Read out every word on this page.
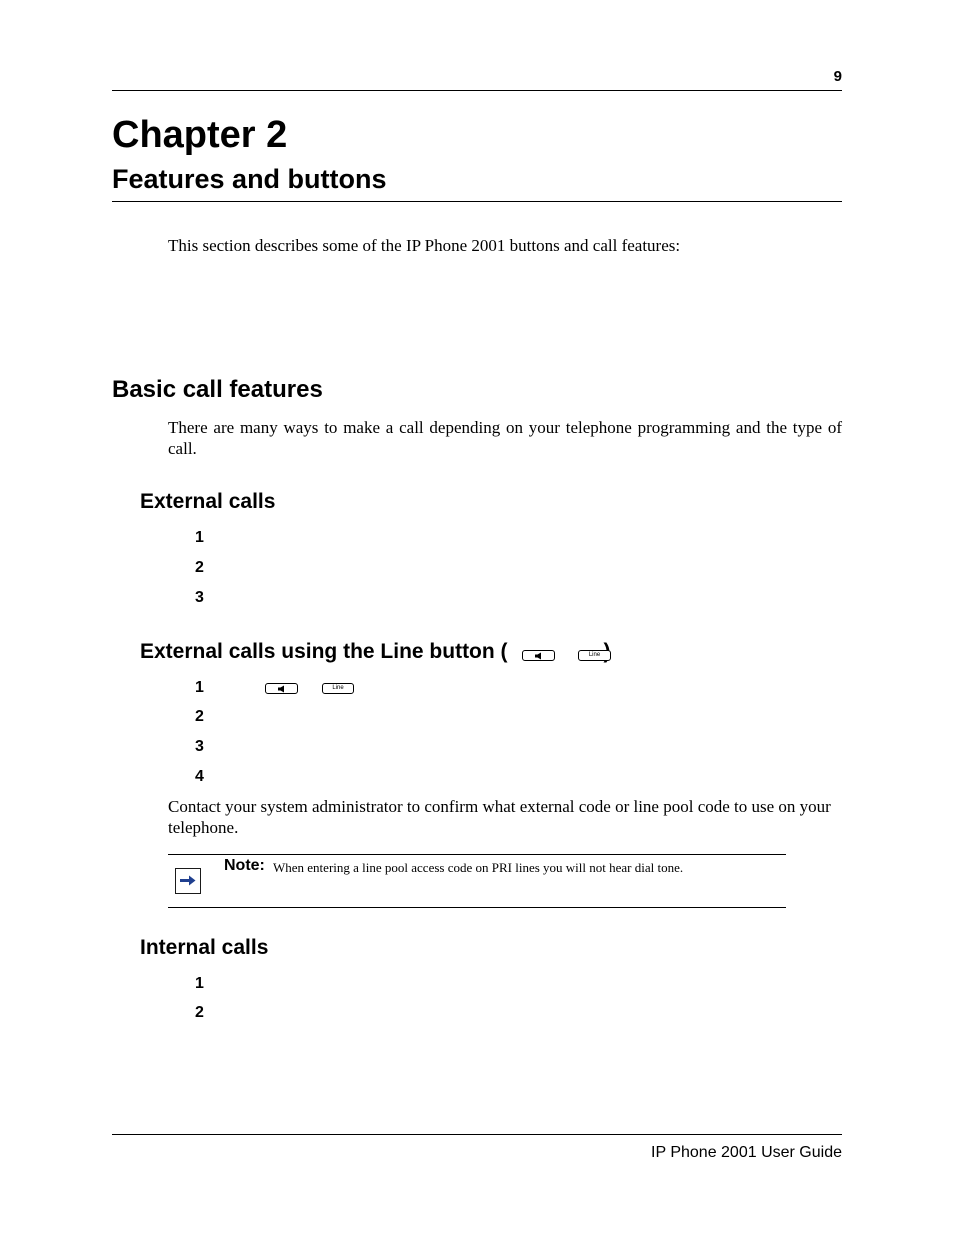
9
Chapter 2
Features and buttons
This section describes some of the IP Phone 2001 buttons and call features:
Basic call features
There are many ways to make a call depending on your telephone programming and the type of call.
External calls
1
2
3
External calls using the Line button (	Line
1	Line
2
3
4
Contact your system administrator to confirm what external code or line pool code to use on your telephone.
Note: When entering a line pool access code on PRI lines you will not hear dial tone.
Internal calls
1
2
IP Phone 2001 User Guide
